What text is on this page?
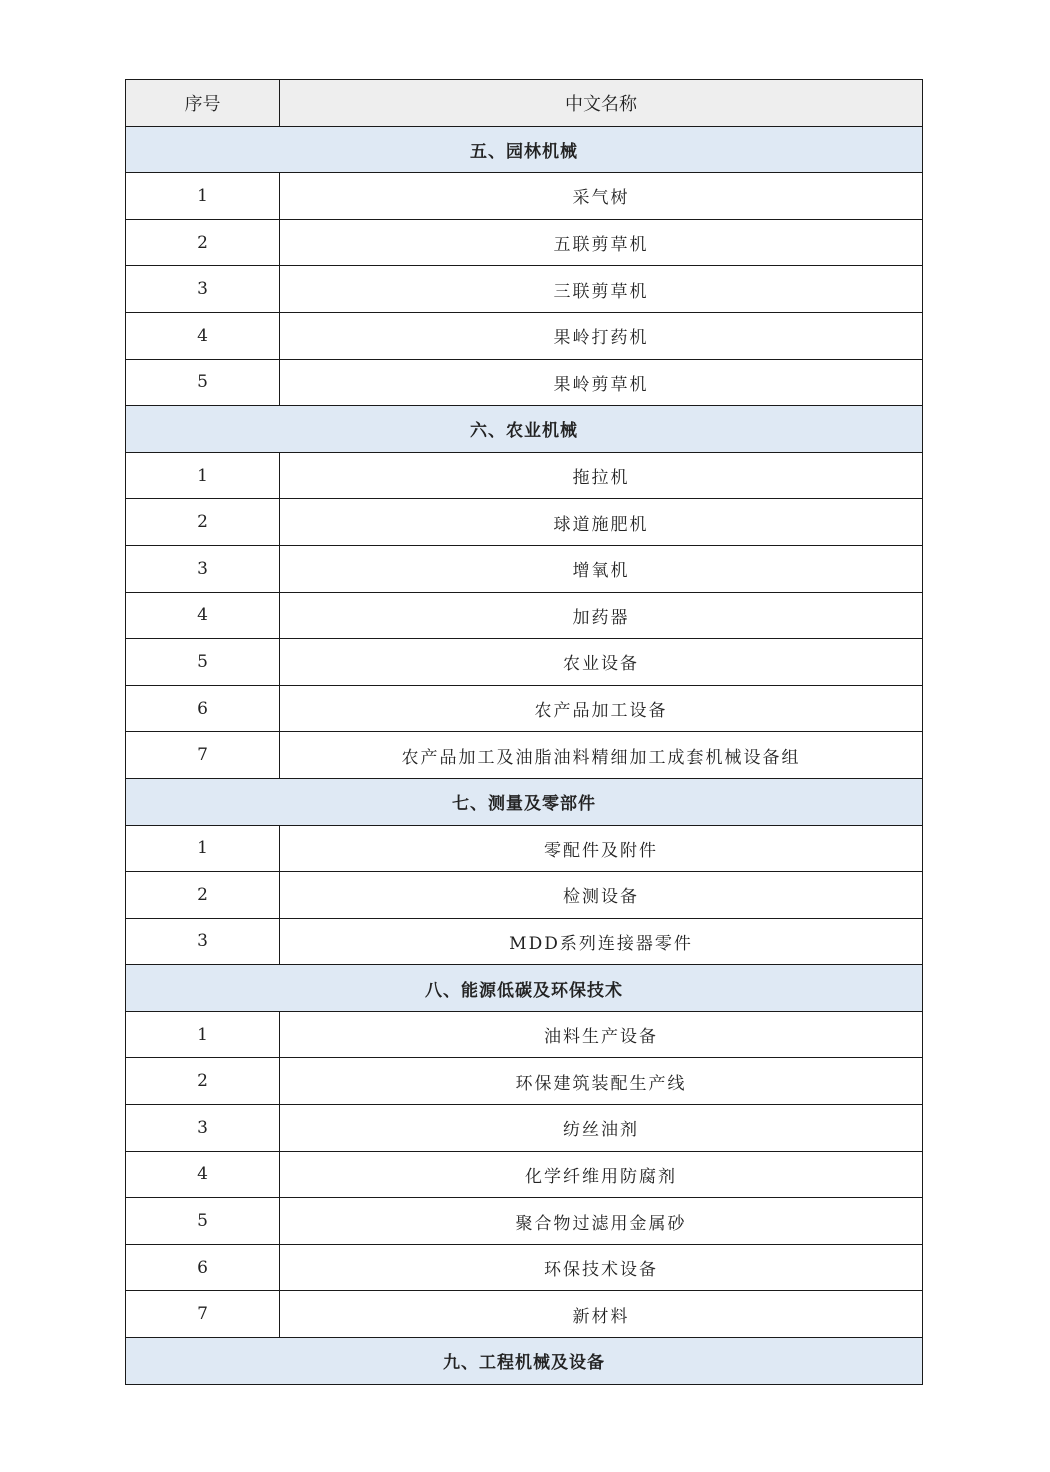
序号	中文名称
五、园林机械	
1	采气树
2	五联剪草机
3	三联剪草机
4	果岭打药机
5	果岭剪草机
六、农业机械	
1	拖拉机
2	球道施肥机
3	增氧机
4	加药器
5	农业设备
6	农产品加工设备
7	农产品加工及油脂油料精细加工成套机械设备组
七、测量及零部件	
1	零配件及附件
2	检测设备
3	MDD系列连接器零件
八、能源低碳及环保技术	
1	油料生产设备
2	环保建筑装配生产线
3	纺丝油剂
4	化学纤维用防腐剂
5	聚合物过滤用金属砂
6	环保技术设备
7	新材料
九、工程机械及设备	
